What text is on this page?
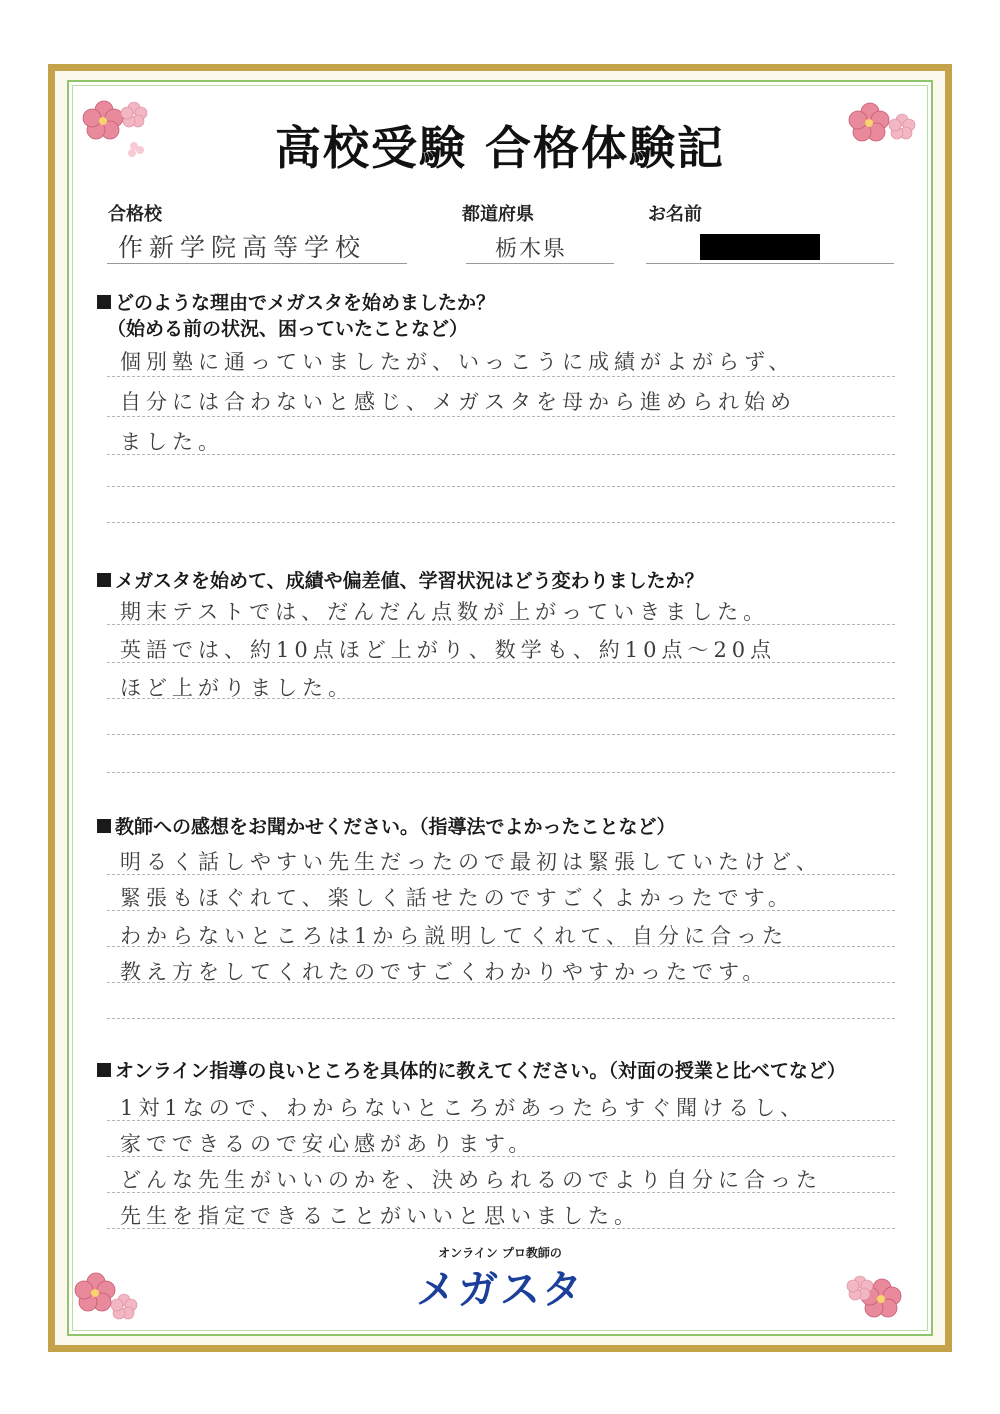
高校受験 合格体験記
合格校
作新学院高等学校
都道府県
栃木県
お名前
どのような理由でメガスタを始めましたか？
（始める前の状況、困っていたことなど）
個別塾に通っていましたが、いっこうに成績がよがらず、
自分には合わないと感じ、メガスタを母から進められ始め
ました。
メガスタを始めて、成績や偏差値、学習状況はどう変わりましたか？
期末テストでは、だんだん点数が上がっていきました。
英語では、約10点ほど上がり、数学も、約10点～20点
ほど上がりました。
教師への感想をお聞かせください。（指導法でよかったことなど）
明るく話しやすい先生だったので最初は緊張していたけど、
緊張もほぐれて、楽しく話せたのですごくよかったです。
わからないところは1から説明してくれて、自分に合った
教え方をしてくれたのですごくわかりやすかったです。
オンライン指導の良いところを具体的に教えてください。（対面の授業と比べてなど）
1対1なので、わからないところがあったらすぐ聞けるし、
家でできるので安心感があります。
どんな先生がいいのかを、決められるのでより自分に合った
先生を指定できることがいいと思いました。
オンライン プロ教師の
メガスタ
